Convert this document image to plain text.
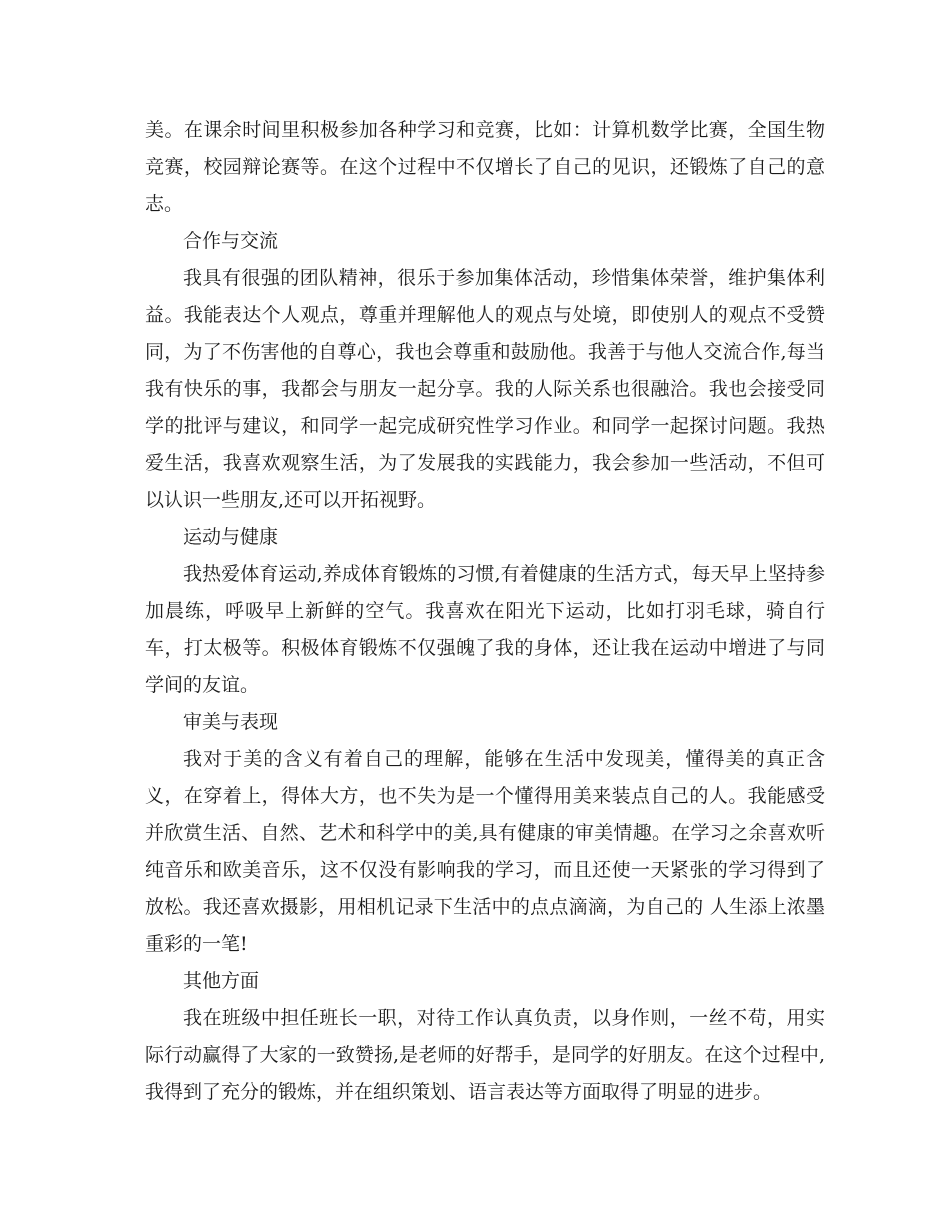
美。在课余时间里积极参加各种学习和竞赛，比如：计算机数学比赛，全国生物竞赛，校园辩论赛等。在这个过程中不仅增长了自己的见识，还锻炼了自己的意志。

合作与交流

我具有很强的团队精神，很乐于参加集体活动，珍惜集体荣誉，维护集体利益。我能表达个人观点，尊重并理解他人的观点与处境，即使别人的观点不受赞同，为了不伤害他的自尊心，我也会尊重和鼓励他。我善于与他人交流合作,每当我有快乐的事，我都会与朋友一起分享。我的人际关系也很融洽。我也会接受同学的批评与建议，和同学一起完成研究性学习作业。和同学一起探讨问题。我热爱生活，我喜欢观察生活，为了发展我的实践能力，我会参加一些活动，不但可以认识一些朋友,还可以开拓视野。

运动与健康

我热爱体育运动,养成体育锻炼的习惯,有着健康的生活方式，每天早上坚持参加晨练，呼吸早上新鲜的空气。我喜欢在阳光下运动，比如打羽毛球，骑自行车，打太极等。积极体育锻炼不仅强魄了我的身体，还让我在运动中增进了与同学间的友谊。

审美与表现

我对于美的含义有着自己的理解，能够在生活中发现美，懂得美的真正含义，在穿着上，得体大方，也不失为是一个懂得用美来装点自己的人。我能感受并欣赏生活、自然、艺术和科学中的美,具有健康的审美情趣。在学习之余喜欢听纯音乐和欧美音乐，这不仅没有影响我的学习，而且还使一天紧张的学习得到了放松。我还喜欢摄影，用相机记录下生活中的点点滴滴，为自己的 人生添上浓墨重彩的一笔!

其他方面

我在班级中担任班长一职，对待工作认真负责，以身作则，一丝不苟，用实际行动赢得了大家的一致赞扬,是老师的好帮手，是同学的好朋友。在这个过程中,我得到了充分的锻炼，并在组织策划、语言表达等方面取得了明显的进步。
